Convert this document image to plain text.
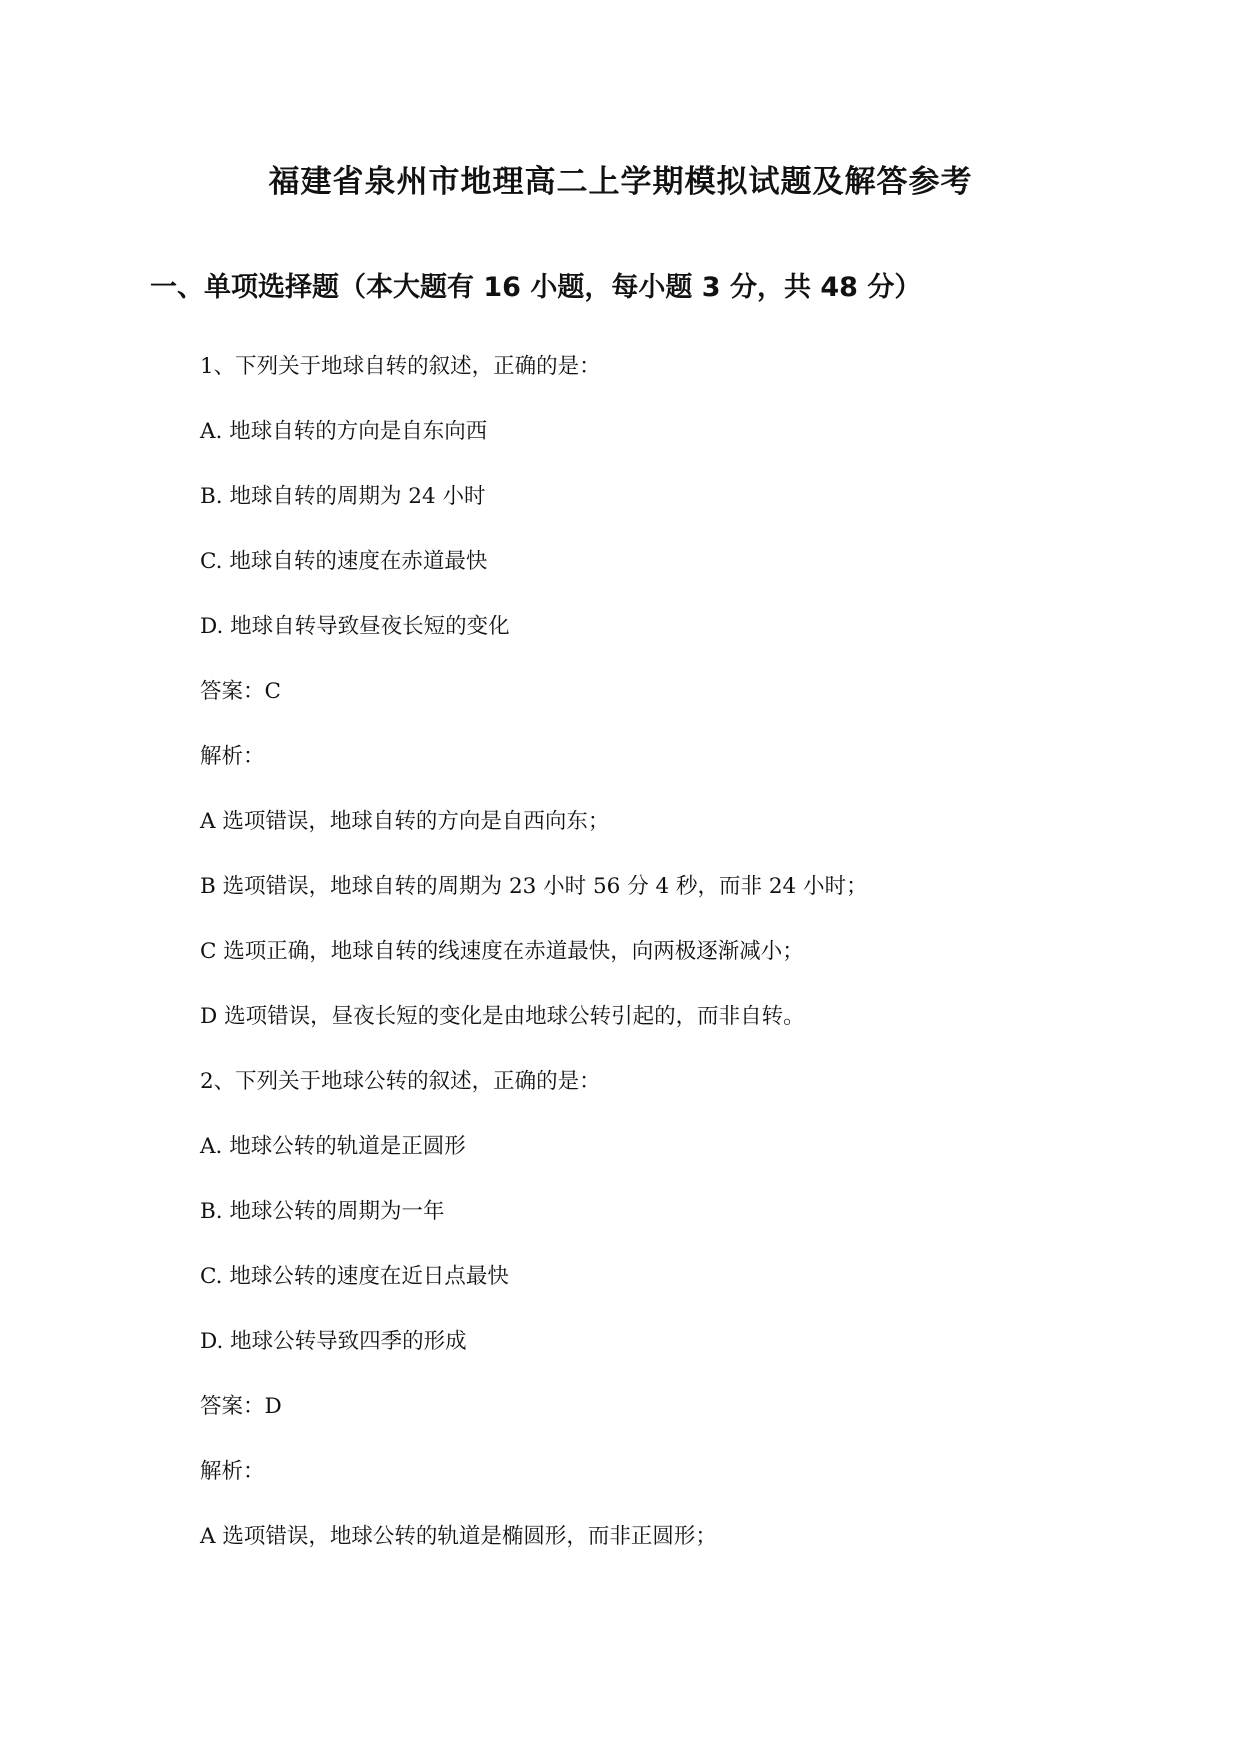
福建省泉州市地理高二上学期模拟试题及解答参考
一、单项选择题（本大题有 16 小题，每小题 3 分，共 48 分）
1、下列关于地球自转的叙述，正确的是：
A. 地球自转的方向是自东向西
B. 地球自转的周期为 24 小时
C. 地球自转的速度在赤道最快
D. 地球自转导致昼夜长短的变化
答案：C
解析：
A 选项错误，地球自转的方向是自西向东；
B 选项错误，地球自转的周期为 23 小时 56 分 4 秒，而非 24 小时；
C 选项正确，地球自转的线速度在赤道最快，向两极逐渐减小；
D 选项错误，昼夜长短的变化是由地球公转引起的，而非自转。
2、下列关于地球公转的叙述，正确的是：
A. 地球公转的轨道是正圆形
B. 地球公转的周期为一年
C. 地球公转的速度在近日点最快
D. 地球公转导致四季的形成
答案：D
解析：
A 选项错误，地球公转的轨道是椭圆形，而非正圆形；
